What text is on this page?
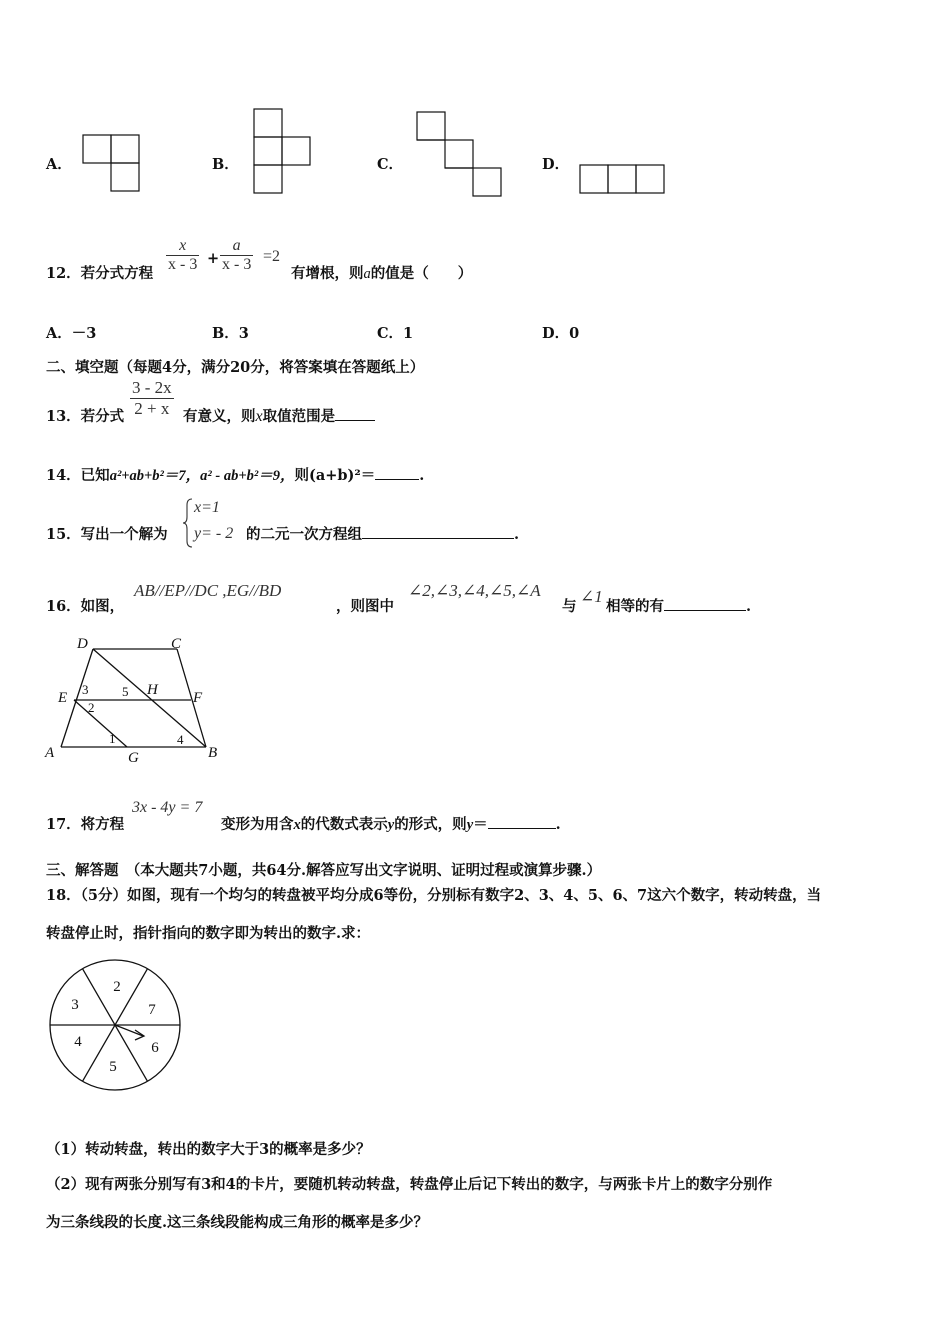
A．	B．	C．	D．
12．若分式方程 $\frac{x}{x - 3} + \frac{a}{x - 3} =2$
有增根，则a的值是（　　）
A．－3	B．3	C．1	D．0
二、填空题（每题4分，满分20分，将答案填在答题纸上）
13．若分式 $\frac{3 - 2x}{2 + x}$ 有意义，则x取值范围是
14．已知a²+ab+b²＝7，a² - ab+b²＝9，则(a+b)²＝	.
15．写出一个解为
x=1
y= - 2 的二元一次方程组	.
16．如图，
AB//EP//DC ,EG//BD
，则图中
∠2,∠3,∠4,∠5,∠A
与
∠1
相等的有	.
D	C
E	H F
A	G	B
3	5
2
1	4
17．将方程
3x - 4y = 7
变形为用含x的代数式表示y的形式，则y＝	.
三、解答题　（本大题共7小题，共64分.解答应写出文字说明、证明过程或演算步骤.）
18．（5分）如图，现有一个均匀的转盘被平均分成6等份，分别标有数字2、3、4、5、6、7这六个数字，转动转盘，当
转盘停止时，指针指向的数字即为转出的数字.求：
2
7
6
5
4
3
（1）转动转盘，转出的数字大于3的概率是多少？
（2）现有两张分别写有3和4的卡片，要随机转动转盘，转盘停止后记下转出的数字，与两张卡片上的数字分别作
为三条线段的长度.这三条线段能构成三角形的概率是多少？
